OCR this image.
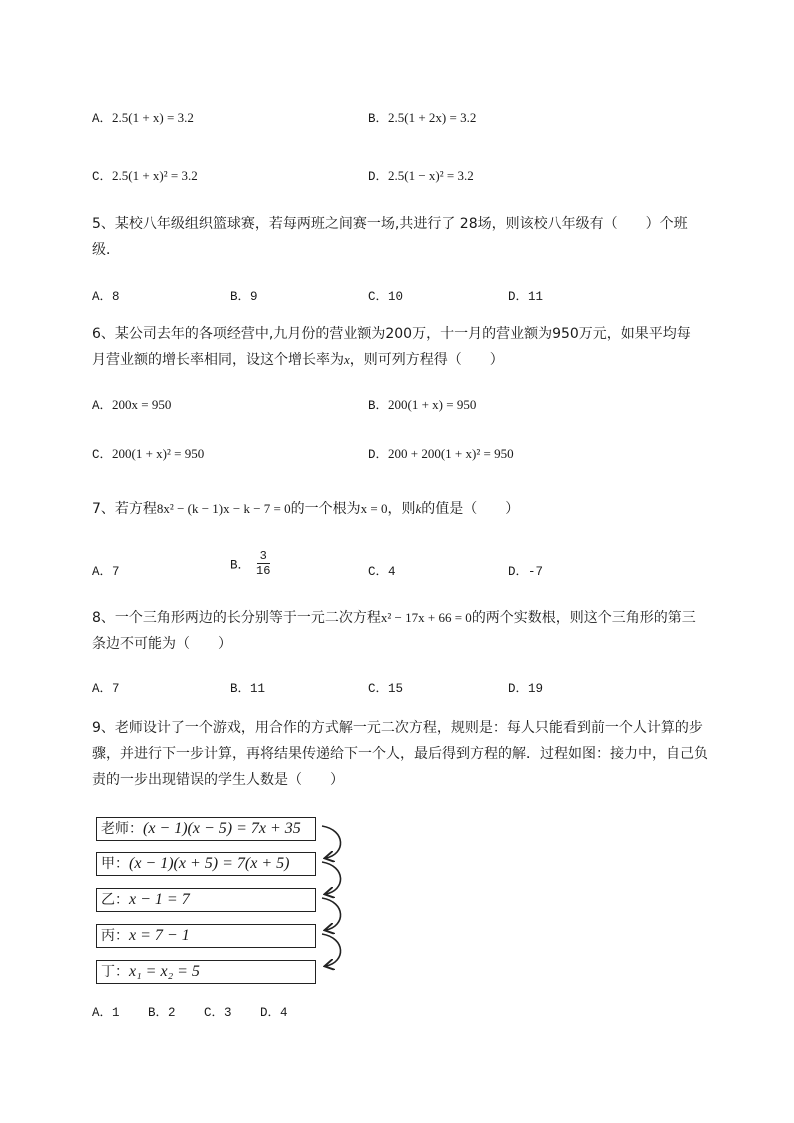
A．2.5(1 + x) = 3.2	B．2.5(1 + 2x) = 3.2
C．2.5(1 + x)² = 3.2	D．2.5(1 − x)² = 3.2
5、某校八年级组织篮球赛，若每两班之间赛一场,共进行了 28场，则该校八年级有（　　）个班
级．
A．8	B．9	C．10	D．11
6、某公司去年的各项经营中,九月份的营业额为200万，十一月的营业额为950万元，如果平均每
月营业额的增长率相同，设这个增长率为x，则可列方程得（　　）
A．200x = 950	B．200(1 + x) = 950
C．200(1 + x)² = 950	D．200 + 200(1 + x)² = 950
7、若方程8x² − (k − 1)x − k − 7 = 0的一个根为x = 0，则k的值是（　　）
A．7	B． $\frac{3}{16}$	C．4	D．-7
8、一个三角形两边的长分别等于一元二次方程x² − 17x + 66 = 0的两个实数根，则这个三角形的第三
条边不可能为（　　）
A．7	B．11	C．15	D．19
9、老师设计了一个游戏，用合作的方式解一元二次方程，规则是：每人只能看到前一个人计算的步
骤，并进行下一步计算，再将结果传递给下一个人，最后得到方程的解．过程如图：接力中，自己负
责的一步出现错误的学生人数是（　　）
老师：(x − 1)(x − 5) = 7x + 35
甲：(x − 1)(x + 5) = 7(x + 5)
乙：x − 1 = 7
丙：x = 7 − 1
丁：x₁ = x₂ = 5
A．1 B．2 C．3 D．4
